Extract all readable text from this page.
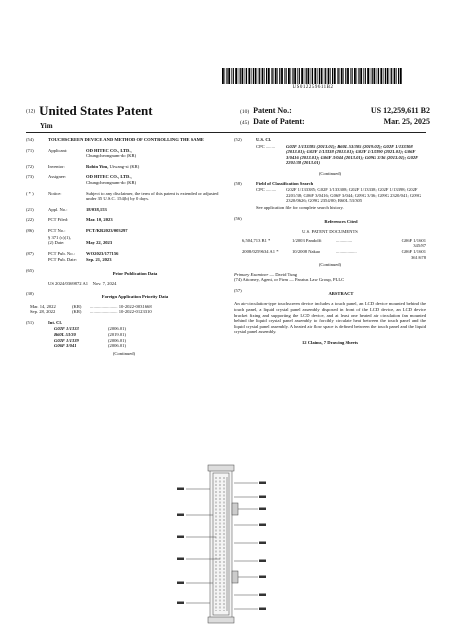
US012259611B2
(12) United States Patent
Yim
(10) Patent No.:	US 12,259,611 B2
(45) Date of Patent:	Mar. 25, 2025
(54)	TOUCHSCREEN DEVICE AND METHOD OF CONTROLLING THE SAME
(71)	Applicant:	OD HITEC CO., LTD.,
Chungcheongnam-do (KR)
(72)	Inventor:	Robin Yim, Uiwang-si (KR)
(73)	Assignee:	OD HITEC CO., LTD.,
Chungcheongnam-do (KR)
( * )	Notice:	Subject to any disclaimer, the term of this patent is extended or adjusted under 35 U.S.C. 154(b) by 0 days.
(21)	Appl. No.:	18/038,153
(22)	PCT Filed:	Mar. 10, 2023
(86)	PCT No.:	PCT/KR2023/003297
§ 371 (c)(1),
(2) Date:	May 22, 2023
(87)	PCT Pub. No.:	WO2023/177156
PCT Pub. Date:	Sep. 21, 2023
(65)
Prior Publication Data
US 2024/0369872 A1 Nov. 7, 2024
(30)
Foreign Application Priority Data
Mar. 14, 2022	(KR)	........................ 10-2022-0031668
Sep. 28, 2022	(KR)	........................ 10-2022-0123310
(51)	Int. Cl.
G02F 1/1333	(2006.01)
B60L 53/30	(2019.01)
G02F 1/1339	(2006.01)
G06F 3/041	(2006.01)
(Continued)
(52)	U.S. Cl.
CPC ........	G02F 1/133385 (2013.01); B60L 53/305 (2019.02); G02F 1/133308 (2013.01); G02F 1/13338 (2013.01); G02F 1/13390 (2021.01); G06F 3/0416 (2013.01); G06F 3/044 (2013.01); G09G 3/36 (2013.01); G02F 2201/38 (2013.01)
(Continued)
(58)	Field of Classification Search
CPC .........	G02F 1/133385; G02F 1/133308; G02F 1/13338; G02F 1/13398; G02F 2201/38; G06F 3/0416; G06F 3/044; G09G 3/36; G09G 2320/041; G09G 2320/0626; G09G 2354/00; B60L 53/305
See application file for complete search history.
(56)
References Cited
U.S. PATENT DOCUMENTS
6,504,713 B1 *	1/2003 Pandolfi	..............	G06F 1/1601
345/87
2008/0259634 A1 *	10/2008 Nakao	..................	G06F 1/1601
361/678
(Continued)
Primary Examiner — David Tung
(74) Attorney, Agent, or Firm — Paratus Law Group, PLLC
(57)
ABSTRACT
An air-circulation-type touchscreen device includes a touch panel, an LCD device mounted behind the touch panel, a liquid crystal panel assembly disposed in front of the LCD device, an LCD device bracket fixing and supporting the LCD device, and at least one heated air circulation fan mounted behind the liquid crystal panel assembly to forcibly circulate heat between the touch panel and the liquid crystal panel assembly. A heated air flow space is defined between the touch panel and the liquid crystal panel assembly.
12 Claims, 7 Drawing Sheets
